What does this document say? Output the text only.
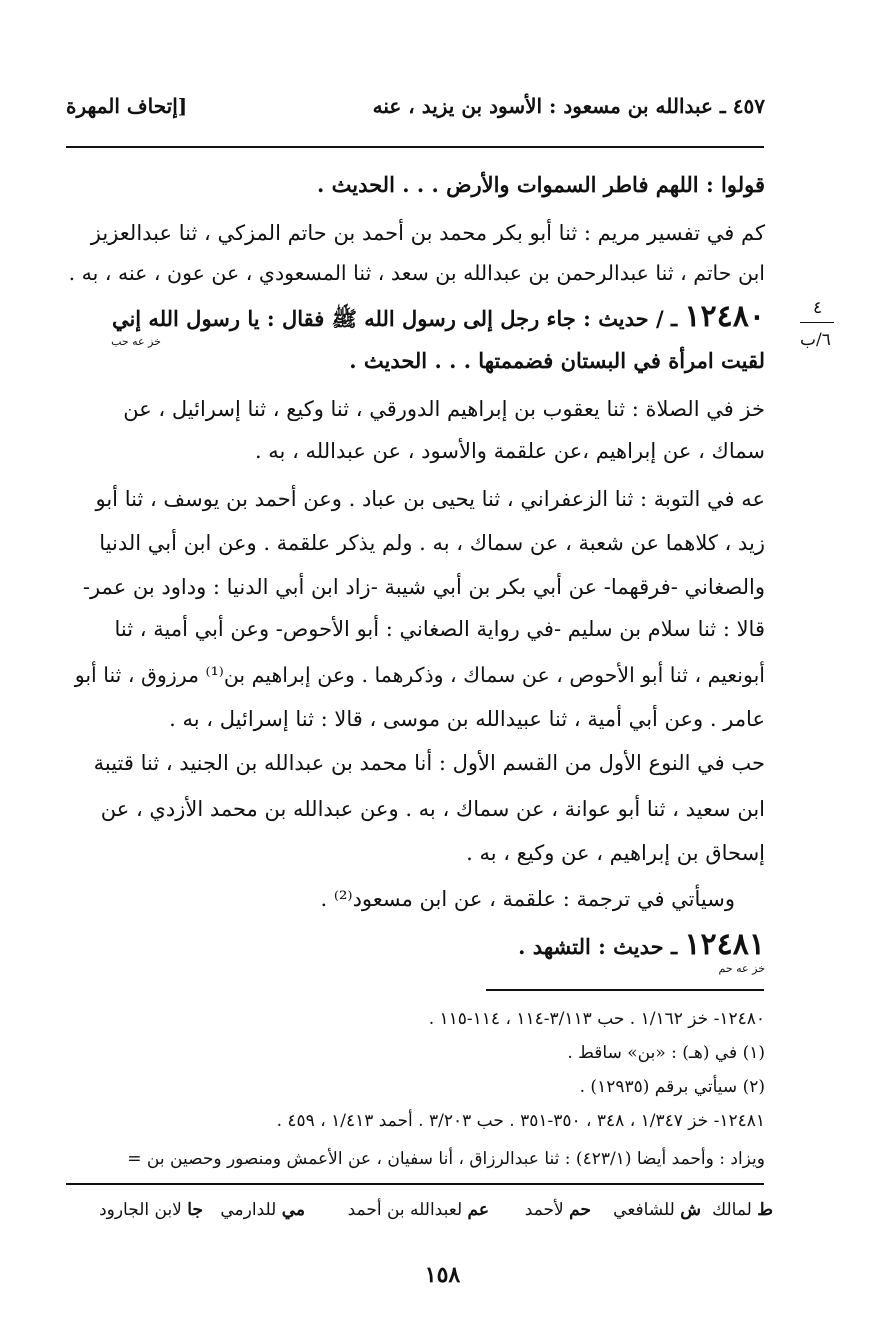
٤٥٧ ـ عبدالله بن مسعود : الأسود بن يزيد ، عنه
[إتحاف المهرة
٤
٦/ب
قولوا : اللهم فاطر السموات والأرض . . . الحديث .
كم في تفسير مريم : ثنا أبو بكر محمد بن أحمد بن حاتم المزكي ، ثنا عبدالعزيز
ابن حاتم ، ثنا عبدالرحمن بن عبدالله بن سعد ، ثنا المسعودي ، عن عون ، عنه ، به .
١٢٤٨٠ ـ / حديث : جاء رجل إلى رسول الله ﷺ فقال : يا رسول الله إني
خز عه حب
لقيت امرأة في البستان فضممتها . . . الحديث .
خز في الصلاة : ثنا يعقوب بن إبراهيم الدورقي ، ثنا وكيع ، ثنا إسرائيل ، عن
سماك ، عن إبراهيم ،عن علقمة والأسود ، عن عبدالله ، به .
عه في التوبة : ثنا الزعفراني ، ثنا يحيى بن عباد . وعن أحمد بن يوسف ، ثنا أبو
زيد ، كلاهما عن شعبة ، عن سماك ، به . ولم يذكر علقمة . وعن ابن أبي الدنيا
والصغاني -فرقهما- عن أبي بكر بن أبي شيبة -زاد ابن أبي الدنيا : وداود بن عمر-
قالا : ثنا سلام بن سليم -في رواية الصغاني : أبو الأحوص- وعن أبي أمية ، ثنا
أبونعيم ، ثنا أبو الأحوص ، عن سماك ، وذكرهما . وعن إبراهيم بن⁽¹⁾ مرزوق ، ثنا أبو
عامر . وعن أبي أمية ، ثنا عبيدالله بن موسى ، قالا : ثنا إسرائيل ، به .
حب في النوع الأول من القسم الأول : أنا محمد بن عبدالله بن الجنيد ، ثنا قتيبة
ابن سعيد ، ثنا أبو عوانة ، عن سماك ، به . وعن عبدالله بن محمد الأزدي ، عن
إسحاق بن إبراهيم ، عن وكيع ، به .
وسيأتي في ترجمة : علقمة ، عن ابن مسعود⁽²⁾ .
١٢٤٨١ ـ حديث : التشهد .
خز عه حم
١٢٤٨٠- خز ١/١٦٢ . حب ٣/١١٣-١١٤ ، ١١٤-١١٥ .
(١) في (هـ) : «بن» ساقط .
(٢) سيأتي برقم (١٢٩٣٥) .
١٢٤٨١- خز ١/٣٤٧ ، ٣٤٨ ، ٣٥٠-٣٥١ . حب ٣/٢٠٣ . أحمد ١/٤١٣ ، ٤٥٩ .
ويزاد : وأحمد أيضا (٤٢٣/١) : ثنا عبدالرزاق ، أنا سفيان ، عن الأعمش ومنصور وحصين بن =
ط لمالك
ش للشافعي
حم لأحمد
عم لعبدالله بن أحمد
مي للدارمي
جا لابن الجارود
١٥٨
